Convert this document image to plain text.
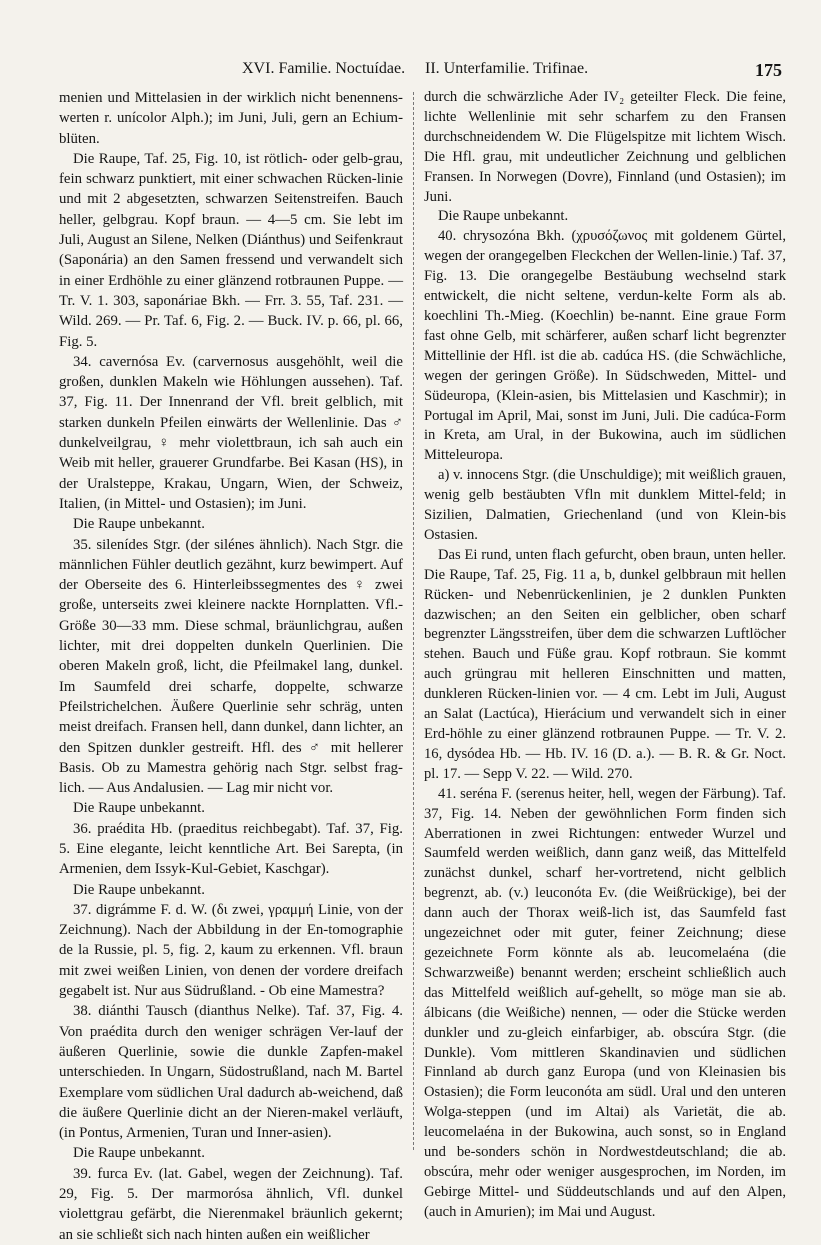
XVI. Familie. Noctuídae. II. Unterfamilie. Trifinae.	175

menien und Mittelasien in der wirklich nicht benennens-werten r. unícolor Alph.); im Juni, Juli, gern an Echium-blüten.

Die Raupe, Taf. 25, Fig. 10, ist rötlich- oder gelb-grau, fein schwarz punktiert, mit einer schwachen Rücken-linie und mit 2 abgesetzten, schwarzen Seitenstreifen. Bauch heller, gelbgrau. Kopf braun. — 4—5 cm. Sie lebt im Juli, August an Silene, Nelken (Diánthus) und Seifenkraut (Saponária) an den Samen fressend und verwandelt sich in einer Erdhöhle zu einer glänzend rotbraunen Puppe. — Tr. V. 1. 303, saponáriae Bkh. — Frr. 3. 55, Taf. 231. — Wild. 269. — Pr. Taf. 6, Fig. 2. — Buck. IV. p. 66, pl. 66, Fig. 5.

34. cavernósa Ev. (carvernosus ausgehöhlt, weil die großen, dunklen Makeln wie Höhlungen aussehen). Taf. 37, Fig. 11. Der Innenrand der Vfl. breit gelblich, mit starken dunkeln Pfeilen einwärts der Wellenlinie. Das ♂ dunkelveilgrau, ♀ mehr violettbraun, ich sah auch ein Weib mit heller, grauerer Grundfarbe. Bei Kasan (HS), in der Uralsteppe, Krakau, Ungarn, Wien, der Schweiz, Italien, (in Mittel- und Ostasien); im Juni.

Die Raupe unbekannt.

35. silenídes Stgr. (der silénes ähnlich). Nach Stgr. die männlichen Fühler deutlich gezähnt, kurz bewimpert. Auf der Oberseite des 6. Hinterleibssegmentes des ♀ zwei große, unterseits zwei kleinere nackte Hornplatten. Vfl.-Größe 30—33 mm. Diese schmal, bräunlichgrau, außen lichter, mit drei doppelten dunkeln Querlinien. Die oberen Makeln groß, licht, die Pfeilmakel lang, dunkel. Im Saumfeld drei scharfe, doppelte, schwarze Pfeilstrichelchen. Äußere Querlinie sehr schräg, unten meist dreifach. Fransen hell, dann dunkel, dann lichter, an den Spitzen dunkler gestreift. Hfl. des ♂ mit hellerer Basis. Ob zu Mamestra gehörig nach Stgr. selbst frag-lich. — Aus Andalusien. — Lag mir nicht vor.

Die Raupe unbekannt.

36. praédita Hb. (praeditus reichbegabt). Taf. 37, Fig. 5. Eine elegante, leicht kenntliche Art. Bei Sarepta, (in Armenien, dem Issyk-Kul-Gebiet, Kaschgar).

Die Raupe unbekannt.

37. digrámme F. d. W. (δι zwei, γραμμή Linie, von der Zeichnung). Nach der Abbildung in der En-tomographie de la Russie, pl. 5, fig. 2, kaum zu erkennen. Vfl. braun mit zwei weißen Linien, von denen der vordere dreifach gegabelt ist. Nur aus Südrußland. - Ob eine Mamestra?

38. diánthi Tausch (dianthus Nelke). Taf. 37, Fig. 4. Von praédita durch den weniger schrägen Ver-lauf der äußeren Querlinie, sowie die dunkle Zapfen-makel unterschieden. In Ungarn, Südostrußland, nach M. Bartel Exemplare vom südlichen Ural dadurch ab-weichend, daß die äußere Querlinie dicht an der Nieren-makel verläuft, (in Pontus, Armenien, Turan und Inner-asien).

Die Raupe unbekannt.

39. furca Ev. (lat. Gabel, wegen der Zeichnung). Taf. 29, Fig. 5. Der marmorósa ähnlich, Vfl. dunkel violettgrau gefärbt, die Nierenmakel bräunlich gekernt; an sie schließt sich nach hinten außen ein weißlicher

durch die schwärzliche Ader IV₂ geteilter Fleck. Die feine, lichte Wellenlinie mit sehr scharfem zu den Fransen durchschneidendem W. Die Flügelspitze mit lichtem Wisch. Die Hfl. grau, mit undeutlicher Zeichnung und gelblichen Fransen. In Norwegen (Dovre), Finnland (und Ostasien); im Juni.

Die Raupe unbekannt.

40. chrysozóna Bkh. (χρυσόζωνος mit goldenem Gürtel, wegen der orangegelben Fleckchen der Wellen-linie.) Taf. 37, Fig. 13. Die orangegelbe Bestäubung wechselnd stark entwickelt, die nicht seltene, verdun-kelte Form als ab. koechlini Th.-Mieg. (Koechlin) be-nannt. Eine graue Form fast ohne Gelb, mit schärferer, außen scharf licht begrenzter Mittellinie der Hfl. ist die ab. cadúca HS. (die Schwächliche, wegen der geringen Größe). In Südschweden, Mittel- und Südeuropa, (Klein-asien, bis Mittelasien und Kaschmir); in Portugal im April, Mai, sonst im Juni, Juli. Die cadúca-Form in Kreta, am Ural, in der Bukowina, auch im südlichen Mitteleuropa.

a) v. innocens Stgr. (die Unschuldige); mit weißlich grauen, wenig gelb bestäubten Vfln mit dunklem Mittel-feld; in Sizilien, Dalmatien, Griechenland (und von Klein-bis Ostasien.

Das Ei rund, unten flach gefurcht, oben braun, unten heller. Die Raupe, Taf. 25, Fig. 11 a, b, dunkel gelbbraun mit hellen Rücken- und Nebenrückenlinien, je 2 dunklen Punkten dazwischen; an den Seiten ein gelblicher, oben scharf begrenzter Längsstreifen, über dem die schwarzen Luftlöcher stehen. Bauch und Füße grau. Kopf rotbraun. Sie kommt auch grüngrau mit helleren Einschnitten und matten, dunkleren Rücken-linien vor. — 4 cm. Lebt im Juli, August an Salat (Lactúca), Hierácium und verwandelt sich in einer Erd-höhle zu einer glänzend rotbraunen Puppe. — Tr. V. 2. 16, dysódea Hb. — Hb. IV. 16 (D. a.). — B. R. & Gr. Noct. pl. 17. — Sepp V. 22. — Wild. 270.

41. seréna F. (serenus heiter, hell, wegen der Färbung). Taf. 37, Fig. 14. Neben der gewöhnlichen Form finden sich Aberrationen in zwei Richtungen: entweder Wurzel und Saumfeld werden weißlich, dann ganz weiß, das Mittelfeld zunächst dunkel, scharf her-vortretend, nicht gelblich begrenzt, ab. (v.) leuconóta Ev. (die Weißrückige), bei der dann auch der Thorax weiß-lich ist, das Saumfeld fast ungezeichnet oder mit guter, feiner Zeichnung; diese gezeichnete Form könnte als ab. leucomelaéna (die Schwarzweiße) benannt werden; erscheint schließlich auch das Mittelfeld weißlich auf-gehellt, so möge man sie ab. álbicans (die Weißiche) nennen, — oder die Stücke werden dunkler und zu-gleich einfarbiger, ab. obscúra Stgr. (die Dunkle). Vom mittleren Skandinavien und südlichen Finnland ab durch ganz Europa (und von Kleinasien bis Ostasien); die Form leuconóta am südl. Ural und den unteren Wolga-steppen (und im Altai) als Varietät, die ab. leucomelaéna in der Bukowina, auch sonst, so in England und be-sonders schön in Nordwestdeutschland; die ab. obscúra, mehr oder weniger ausgesprochen, im Norden, im Gebirge Mittel- und Süddeutschlands und auf den Alpen, (auch in Amurien); im Mai und August.
